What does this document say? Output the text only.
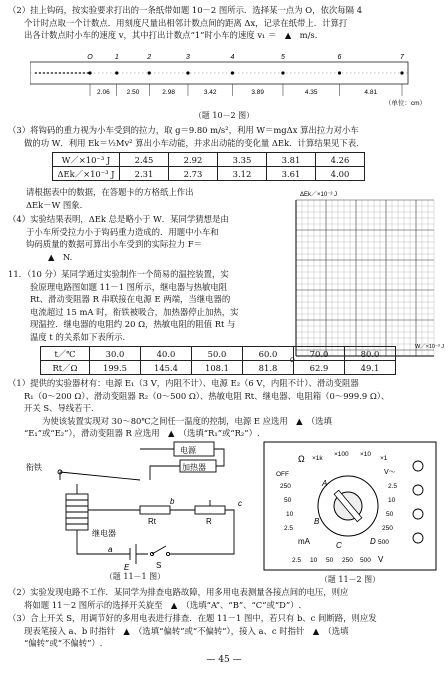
（2）挂上钩码，按实验要求打出的一条纸带如题 10－2 图所示．选择某一点为 O，依次每隔 4
个计时点取一个计数点．用刻度尺量出相邻计数点间的距离 Δx，记录在纸带上．计算打
出各计数点时小车的速度 v，其中打出计数点“1”时小车的速度 v₁ ＝　▲　m/s.
O	1	2	3	4	5	6	7
2.06	2.50	2.98	3.42	3.89	4.35	4.81
（单位：cm）
（题 10－2 图）
（3）将钩码的重力视为小车受到的拉力，取 g＝9.80 m/s²，利用 W＝mgΔx 算出拉力对小车
做的功 W．利用 Ek＝½Mv² 算出小车动能，并求出动能的变化量 ΔEk．计算结果见下表．
W／×10⁻³ J	2.45	2.92	3.35	3.81	4.26
ΔEk／×10⁻³ J	2.31	2.73	3.12	3.61	4.00
请根据表中的数据，在答题卡的方格纸上作出
ΔEk－W 图象.
（4）实验结果表明，ΔEk 总是略小于 W．某同学猜想是由
于小车所受拉力小于钩码重力造成的．用题中小车和
钩码质量的数据可算出小车受到的实际拉力 F＝
▲　N.
ΔEk／×10⁻³ J
O
W／×10⁻³ J
11．（10 分）某同学通过实验制作一个简易的温控装置，实
验原理电路图如题 11－1 图所示，继电器与热敏电阻
Rt、滑动变阻器 R 串联接在电源 E 两端，当继电器的
电流超过 15 mA 时，衔铁被吸合，加热器停止加热，实
现温控．继电器的电阻约 20 Ω，热敏电阻的阻值 Rt 与
温度 t 的关系如下表所示.
t／℃	30.0	40.0	50.0	60.0	70.0	80.0
Rt／Ω	199.5	145.4	108.1	81.8	62.9	49.1
（1）提供的实验器材有：电源 E₁（3 V，内阻不计）、电源 E₂（6 V，内阻不计）、滑动变阻器
R₁（0～200 Ω）、滑动变阻器 R₂（0～500 Ω）、热敏电阻 Rt、继电器、电阻箱（0～999.9 Ω）、
开关 S、导线若干．
为使该装置实现对 30～80℃之间任一温度的控制，电源 E 应选用　▲　（选填
“E₁”或“E₂”），滑动变阻器 R 应选用　▲　（选填“R₁”或“R₂”）.
电源
加热器
衔铁
继电器
Rt	R
a
b	c
E	S
（题 11－1 图）
Ω ×1k
×100 ×10
×1
OFF
250
50
10
2.5
mA
2.5 10 50 250 500 V
2.5
10
50
250
500
V～
A
B
C	D
（题 11－2 图）
（2）实验发现电路不工作．某同学为排查电路故障，用多用电表测量各接点间的电压，则应
将如题 11－2 图所示的选择开关旋至　▲　（选填“A”、“B”、“C”或“D”）.
（3）合上开关 S，用调节好的多用电表进行排查．在题 11－1 图中，若只有 b、c 间断路，则应发
现表笔接入 a、b 时指针　▲　（选填“偏转”或“不偏转”），接入 a、c 时指针　▲　（选填
“偏转”或“不偏转”）.
— 45 —
